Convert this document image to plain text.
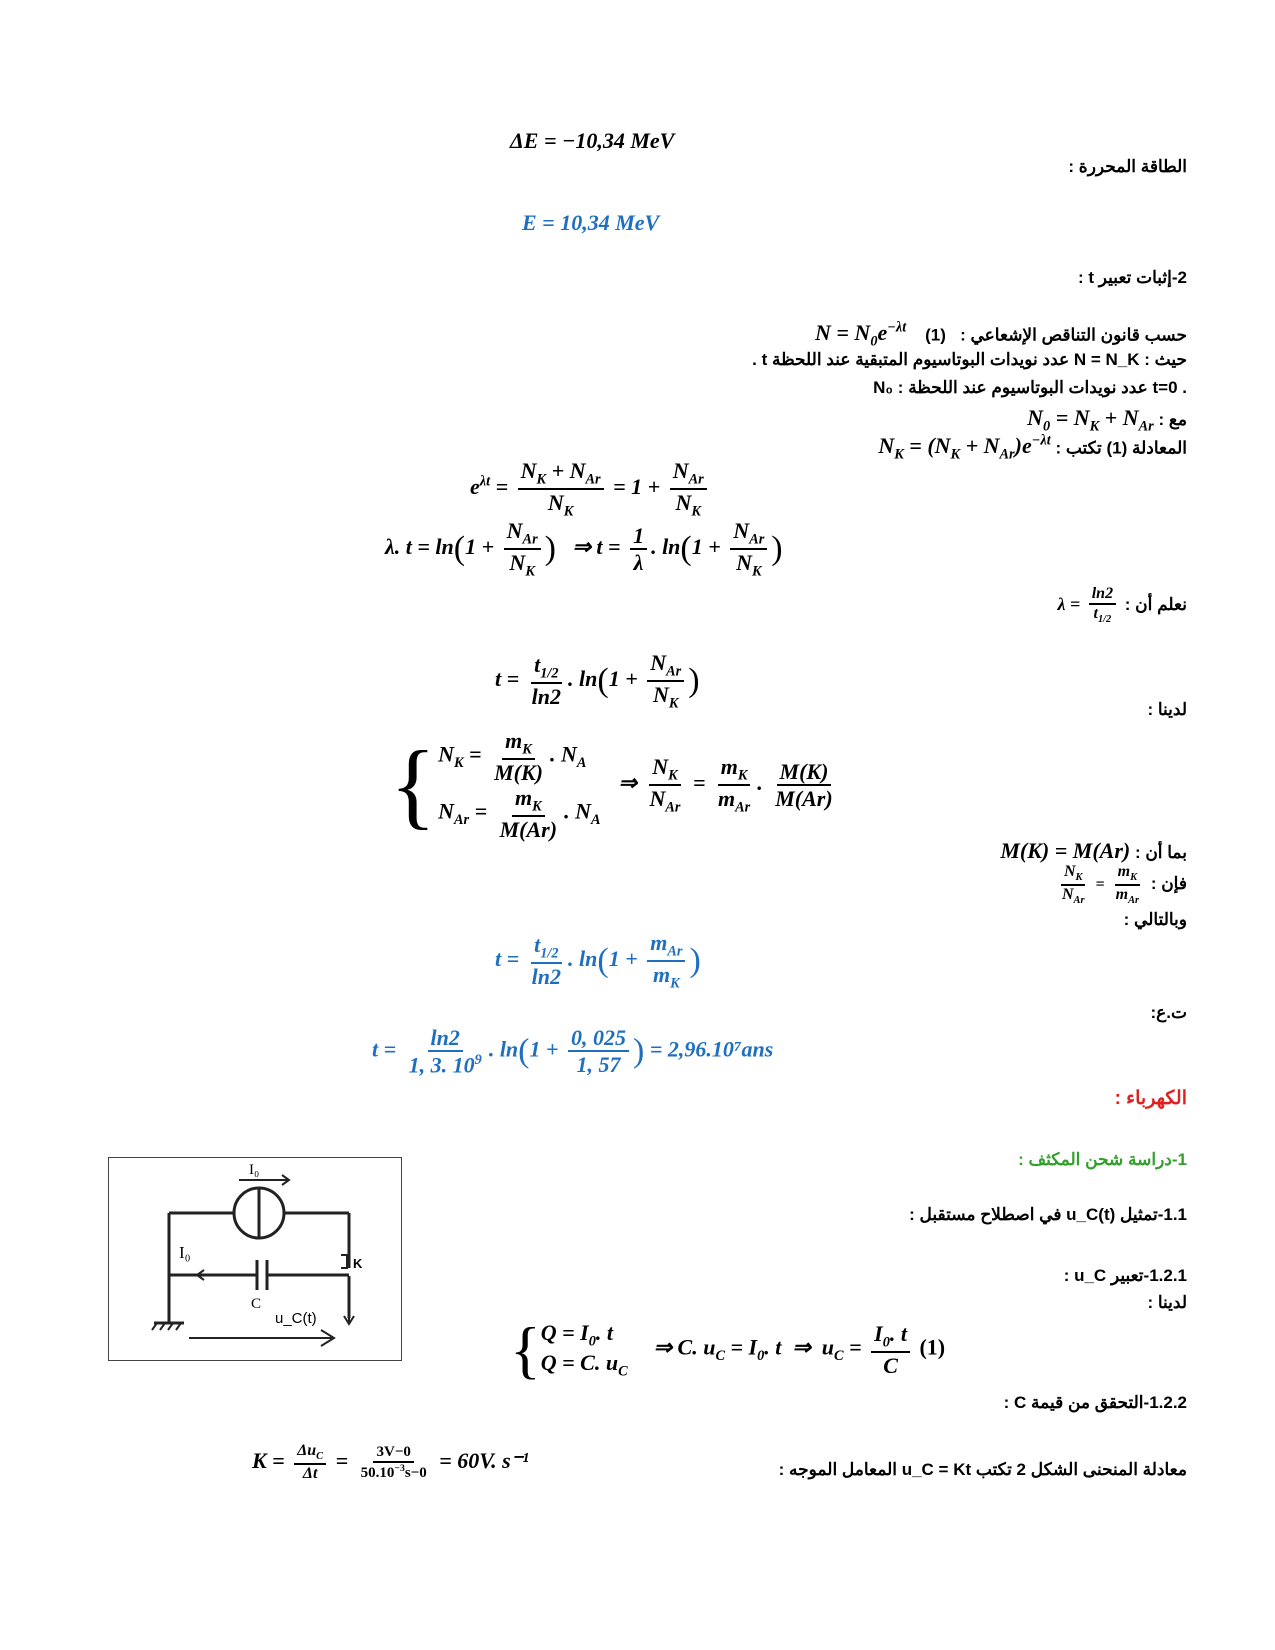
ΔE = −10,34 MeV
الطاقة المحررة :
E = 10,34 MeV
2-إثبات تعبير t :
حسب قانون التناقص الإشعاعي :   (1)    $N = N_0e^{-\lambda t}$
حيث : N = N_K عدد نويدات البوتاسيوم المتبقية عند اللحظة t .
N₀ : عدد نويدات البوتاسيوم عند اللحظة t=0 .
مع : $N_0 = N_K + N_{Ar}$
المعادلة (1) تكتب : $N_K = (N_K + N_{Ar})e^{-\lambda t}$
$e^{\lambda t} = \frac{N_K + N_{Ar}}{N_K} = 1 + \frac{N_{Ar}}{N_K}$
λ. $t = \ln(1 + \frac{N_{Ar}}{N_K}$ )   ⇒ $t = \frac{1}{\lambda}$ . $\ln(1 + \frac{N_{Ar}}{N_K}$ )
نعلم أن : $\lambda = \frac{\ln 2}{t_{1/2}}$
$t = \frac{t_{1/2}}{\ln 2}$ . $\ln(1 + \frac{N_{Ar}}{N_K}$ )
لدينا :
{ $N_K = \frac{m_K}{M(K)}$ . $N_A$
$N_{Ar} = \frac{m_K}{M(Ar)}$ . $N_A$
⇒ $\frac{N_K}{N_{Ar}} = \frac{m_K}{m_{Ar}}$ . $\frac{M(K)}{M(Ar)}$
بما أن : M(K) = M(Ar)
فإن :
$\frac{N_K}{N_{Ar}} = \frac{m_K}{m_{Ar}}$
وبالتالي :
$t = \frac{t_{1/2}}{\ln 2}$ . $\ln(1 + \frac{m_{Ar}}{m_K}$ )
ت.ع:
$t = \frac{\ln 2}{1, 3. 10^9}$ . $\ln(1 + \frac{0, 025}{1, 57}$ ) = 2,96.10⁷ans
الكهرباء :
1-دراسة شحن المكثف :
1.1-تمثيل u_C(t) في اصطلاح مستقبل :
1.2.1-تعبير u_C :
لدينا :
I₀
I₀
K
C
u_C(t)	{ $Q = I_0$. t
Q = C. $u_C$
⇒ C. $u_C = I_0$. t  ⇒  $u_C = \frac{I_0. t}{C} (1)$
1.2.2-التحقق من قيمة C :
معادلة المنحنى الشكل 2 تكتب u_C = Kt المعامل الموجه :
$K = \frac{\Delta u_C}{\Delta t} = \frac{3V-0}{50.10^{-3}s-0} = 60V$. s⁻¹
